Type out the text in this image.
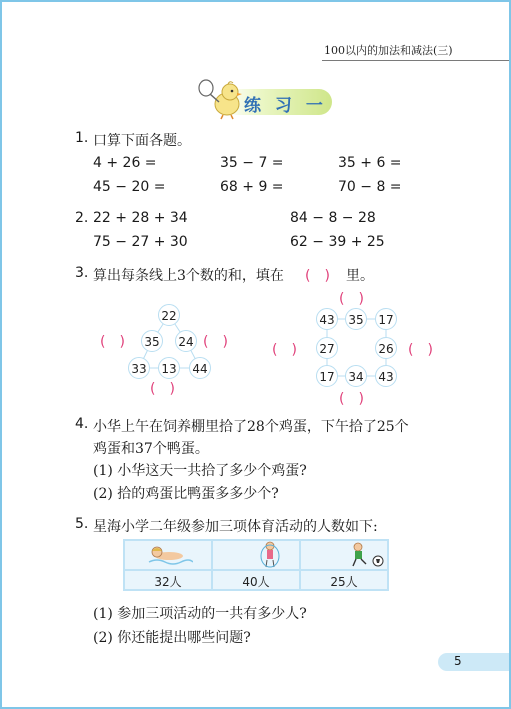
100以内的加法和减法(三)
练 习 一
1. 口算下面各题。
4 + 26 =	35 − 7 =	35 + 6 =
45 − 20 =	68 + 9 =	70 − 8 =
2. 22 + 28 + 34	84 − 8 − 28
75 − 27 + 30	62 − 39 + 25
3. 算出每条线上3个数的和，填在 (　) 里。
22
35 24
33 13 44
(　)	(　)
(　)
43 35 17
27	26
17 34 43
(　)
(　)	(　)
(　)
4. 小华上午在饲养棚里拾了28个鸡蛋，下午拾了25个
鸡蛋和37个鸭蛋。
(1) 小华这天一共拾了多少个鸡蛋?
(2) 拾的鸡蛋比鸭蛋多多少个?
5. 星海小学二年级参加三项体育活动的人数如下:
32人	40人	25人
(1) 参加三项活动的一共有多少人?
(2) 你还能提出哪些问题?
5
